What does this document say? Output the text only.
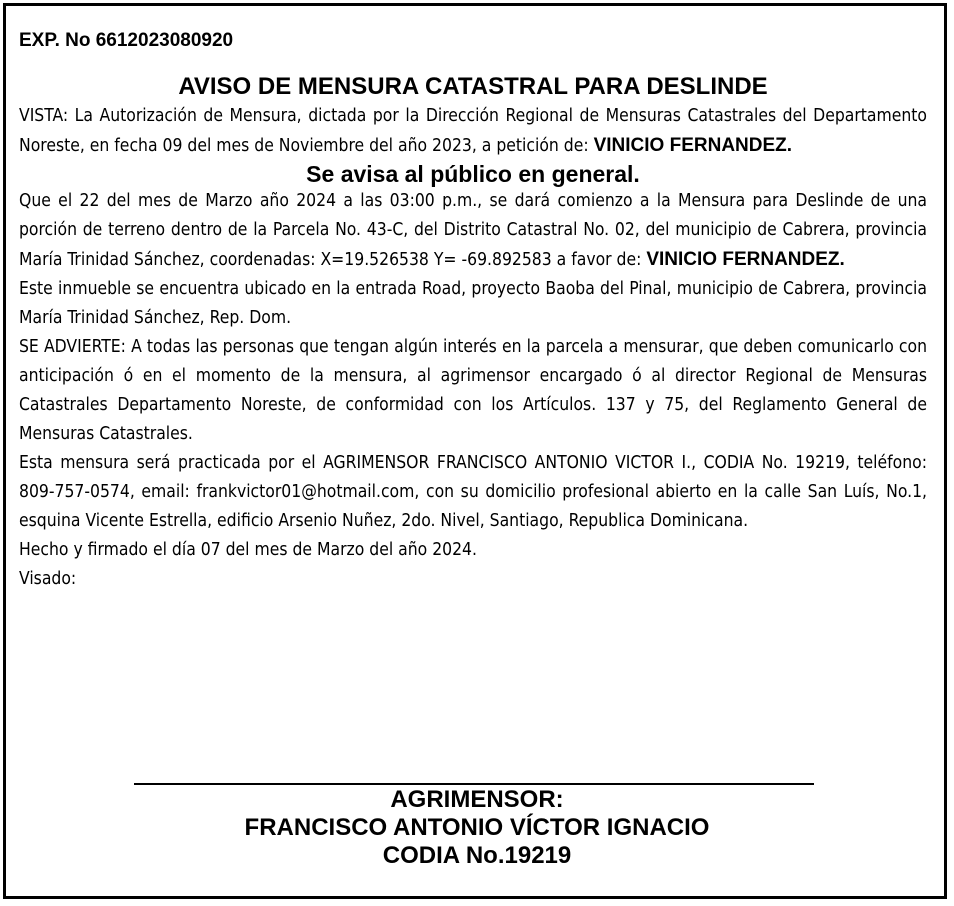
EXP. No 6612023080920

AVISO DE MENSURA CATASTRAL PARA DESLINDE

VISTA: La Autorización de Mensura, dictada por la Dirección Regional de Mensuras Catastrales del Departamento Noreste, en fecha 09 del mes de Noviembre del año 2023, a petición de: VINICIO FERNANDEZ.

Se avisa al público en general.

Que el 22 del mes de Marzo año 2024 a las 03:00 p.m., se dará comienzo a la Mensura para Deslinde de una porción de terreno dentro de la Parcela No. 43-C, del Distrito Catastral No. 02, del municipio de Cabrera, provincia María Trinidad Sánchez, coordenadas: X=19.526538 Y= -69.892583 a favor de: VINICIO FERNANDEZ.

Este inmueble se encuentra ubicado en la entrada Road, proyecto Baoba del Pinal, municipio de Cabrera, provincia María Trinidad Sánchez, Rep. Dom.

SE ADVIERTE: A todas las personas que tengan algún interés en la parcela a mensurar, que deben comunicarlo con anticipación ó en el momento de la mensura, al agrimensor encargado ó al director Regional de Mensuras Catastrales Departamento Noreste, de conformidad con los Artículos. 137 y 75, del Reglamento General de Mensuras Catastrales.

Esta mensura será practicada por el AGRIMENSOR FRANCISCO ANTONIO VICTOR I., CODIA No. 19219, teléfono: 809-757-0574, email: frankvictor01@hotmail.com, con su domicilio profesional abierto en la calle San Luís, No.1, esquina Vicente Estrella, edificio Arsenio Nuñez, 2do. Nivel, Santiago, Republica Dominicana.

Hecho y firmado el día 07 del mes de Marzo del año 2024.

Visado:

AGRIMENSOR:
FRANCISCO ANTONIO VÍCTOR IGNACIO
CODIA No.19219
